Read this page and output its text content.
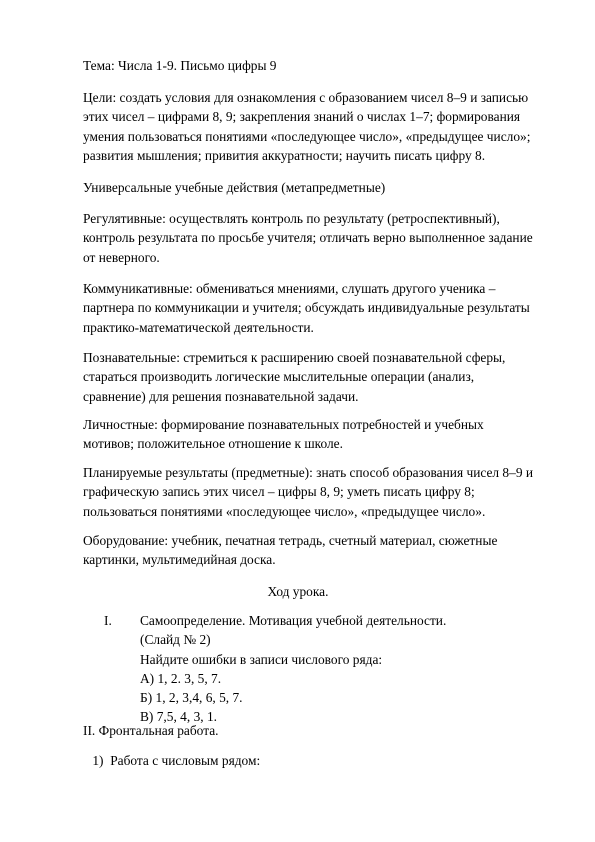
Тема: Числа 1-9. Письмо цифры 9

Цели: создать условия для ознакомления с образованием чисел 8–9 и записью
этих чисел – цифрами 8, 9; закрепления знаний о числах 1–7; формирования
умения пользоваться понятиями «последующее число», «предыдущее число»;
развития мышления; привития аккуратности; научить писать цифру 8.

Универсальные учебные действия (метапредметные)

Регулятивные: осуществлять контроль по результату (ретроспективный),
контроль результата по просьбе учителя; отличать верно выполненное задание
от неверного.

Коммуникативные: обмениваться мнениями, слушать другого ученика –
партнера по коммуникации и учителя; обсуждать индивидуальные результаты
практико-математической деятельности.

Познавательные: стремиться к расширению своей познавательной сферы,
стараться производить логические мыслительные операции (анализ,
сравнение) для решения познавательной задачи.

Личностные: формирование познавательных потребностей и учебных
мотивов; положительное отношение к школе.

Планируемые результаты (предметные): знать способ образования чисел 8–9 и
графическую запись этих чисел – цифры 8, 9; уметь писать цифру 8;
пользоваться понятиями «последующее число», «предыдущее число».

Оборудование: учебник, печатная тетрадь, счетный материал, сюжетные
картинки, мультимедийная доска.

Ход урока.

I. Самоопределение. Мотивация учебной деятельности.
(Слайд № 2)
Найдите ошибки в записи числового ряда:
А) 1, 2. 3, 5, 7.
Б) 1, 2, 3,4, 6, 5, 7.
В) 7,5, 4, 3, 1.

II. Фронтальная работа.

1)  Работа с числовым рядом:
